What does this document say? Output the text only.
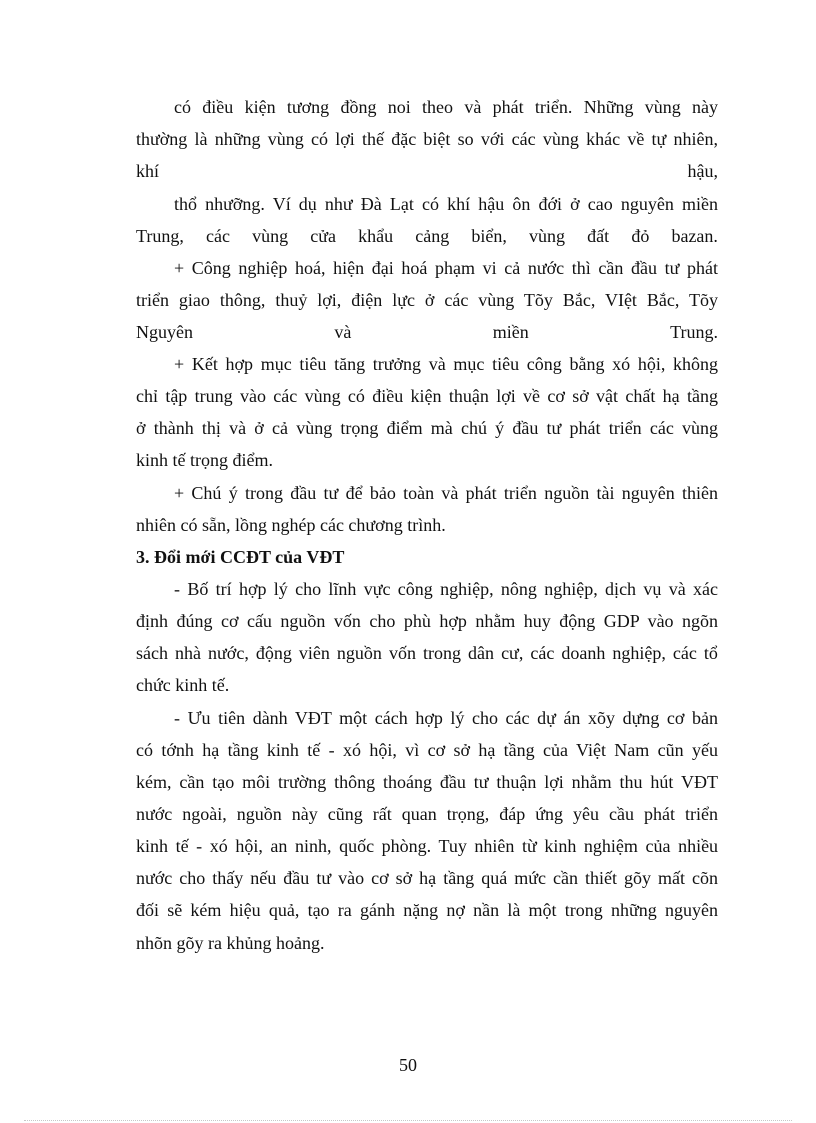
có điều kiện tương đồng noi theo và phát triển. Những vùng này
thường là những vùng có lợi thế đặc biệt so với các vùng khác về tự nhiên,
khí	hậu,
thổ nhưỡng. Ví dụ như Đà Lạt có khí hậu ôn đới ở cao nguyên miền
Trung, các vùng cửa khẩu cảng biển, vùng đất đỏ bazan.
+ Công nghiệp hoá, hiện đại hoá phạm vi cả nước thì cần đầu tư phát
triển giao thông, thuỷ lợi, điện lực ở các vùng Tõy Bắc, VIệt Bắc, Tõy
Nguyên	và	miền	Trung.
+ Kết hợp mục tiêu tăng trưởng và mục tiêu công bằng xó hội, không
chỉ tập trung vào các vùng có điều kiện thuận lợi về cơ sở vật chất hạ tầng
ở thành thị và ở cả vùng trọng điểm mà chú ý đầu tư phát triển các vùng
kinh tế trọng điểm.
+ Chú ý trong đầu tư để bảo toàn và phát triển nguồn tài nguyên thiên
nhiên có sẵn, lồng nghép các chương trình.
3. Đổi mới CCĐT của VĐT
- Bố trí hợp lý cho lĩnh vực công nghiệp, nông nghiệp, dịch vụ và xác
định đúng cơ cấu nguồn vốn cho phù hợp nhằm huy động GDP vào ngõn
sách nhà nước, động viên nguồn vốn trong dân cư, các doanh nghiệp, các tổ
chức kinh tế.
- Ưu tiên dành VĐT một cách hợp lý cho các dự án xõy dựng cơ bản
có tớnh hạ tầng kinh tế - xó hội, vì cơ sở hạ tầng của Việt Nam cũn yếu
kém, cần tạo môi trường thông thoáng đầu tư thuận lợi nhằm thu hút VĐT
nước ngoài, nguồn này cũng rất quan trọng, đáp ứng yêu cầu phát triển
kinh tế - xó hội, an ninh, quốc phòng. Tuy nhiên từ kinh nghiệm của nhiều
nước cho thấy nếu đầu tư vào cơ sở hạ tầng quá mức cần thiết gõy mất cõn
đối sẽ kém hiệu quả, tạo ra gánh nặng nợ nần là một trong những nguyên
nhõn gõy ra khủng hoảng.
50
